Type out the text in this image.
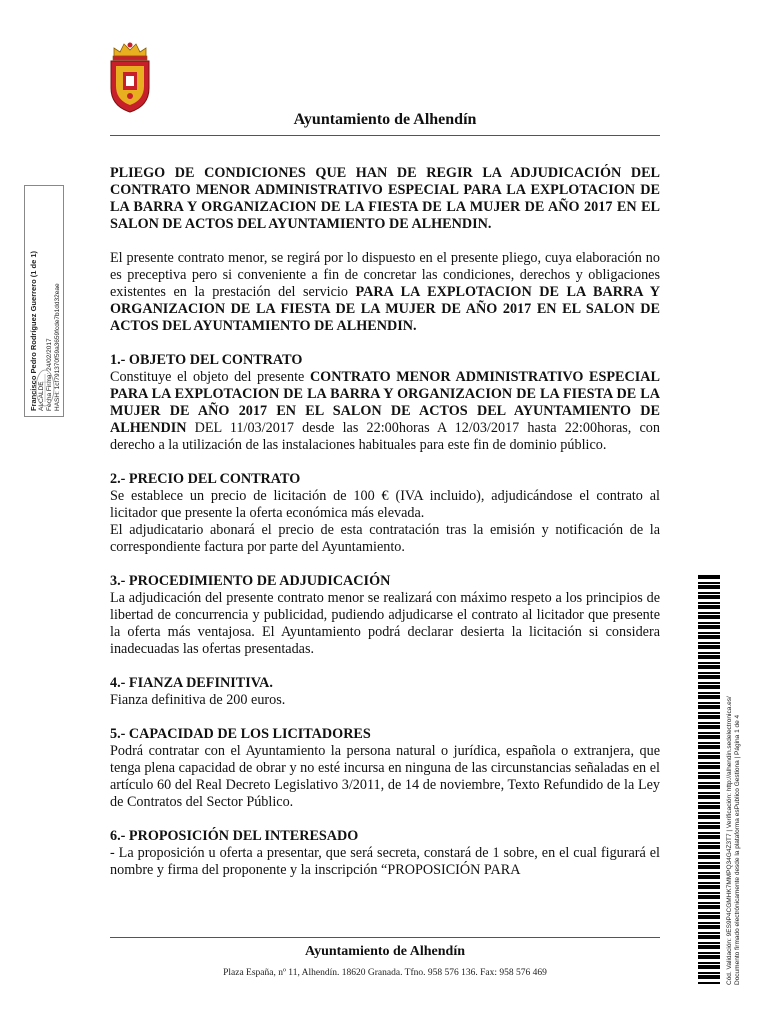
Ayuntamiento de Alhendín
Francisco Pedro Rodríguez Guerrero (1 de 1) ALCALDE Fecha Firma: 24/02/2017 HASH: 1cf791370f59a3659fcde7b1dd32eae

PLIEGO DE CONDICIONES QUE HAN DE REGIR LA ADJUDICACIÓN DEL CONTRATO MENOR ADMINISTRATIVO ESPECIAL PARA LA EXPLOTACION DE LA BARRA Y ORGANIZACION DE LA FIESTA DE LA MUJER DE AÑO 2017 EN EL SALON DE ACTOS DEL AYUNTAMIENTO DE ALHENDIN.

El presente contrato menor, se regirá por lo dispuesto en el presente pliego, cuya elaboración no es preceptiva pero si conveniente a fin de concretar las condiciones, derechos y obligaciones existentes en la prestación del servicio PARA LA EXPLOTACION DE LA BARRA Y ORGANIZACION DE LA FIESTA DE LA MUJER DE AÑO 2017 EN EL SALON DE ACTOS DEL AYUNTAMIENTO DE ALHENDIN.

1.- OBJETO DEL CONTRATO

Constituye el objeto del presente CONTRATO MENOR ADMINISTRATIVO ESPECIAL PARA LA EXPLOTACION DE LA BARRA Y ORGANIZACION DE LA FIESTA DE LA MUJER DE AÑO 2017 EN EL SALON DE ACTOS DEL AYUNTAMIENTO DE ALHENDIN DEL 11/03/2017 desde las 22:00horas A 12/03/2017 hasta 22:00horas, con derecho a la utilización de las instalaciones habituales para este fin de dominio público.

2.- PRECIO DEL CONTRATO

Se establece un precio de licitación de 100 € (IVA incluido), adjudicándose el contrato al licitador que presente la oferta económica más elevada.

El adjudicatario abonará el precio de esta contratación tras la emisión y notificación de la correspondiente factura por parte del Ayuntamiento.

3.- PROCEDIMIENTO DE ADJUDICACIÓN

La adjudicación del presente contrato menor se realizará con máximo respeto a los principios de libertad de concurrencia y publicidad, pudiendo adjudicarse el contrato al licitador que presente la oferta más ventajosa. El Ayuntamiento podrá declarar desierta la licitación si considera inadecuadas las ofertas presentadas.

4.- FIANZA DEFINITIVA.

Fianza definitiva de 200 euros.

5.- CAPACIDAD DE LOS LICITADORES

Podrá contratar con el Ayuntamiento la persona natural o jurídica, española o extranjera, que tenga plena capacidad de obrar y no esté incursa en ninguna de las circunstancias señaladas en el artículo 60 del Real Decreto Legislativo 3/2011, de 14 de noviembre, Texto Refundido de la Ley de Contratos del Sector Público.

6.- PROPOSICIÓN DEL INTERESADO

- La proposición u oferta a presentar, que será secreta, constará de 1 sobre, en el cual figurará el nombre y firma del proponente y la inscripción “PROPOSICIÓN PARA	Cód. Validación: 9ES9P4CGMHK7MMPQ34G4Z3T7 | Verificación: http://alhendin.sedelectronica.es/ Documento firmado electrónicamente desde la plataforma esPublico Gestiona | Página 1 de 4
Ayuntamiento de Alhendín
Plaza España, nº 11, Alhendín. 18620 Granada. Tfno. 958 576 136. Fax: 958 576 469
